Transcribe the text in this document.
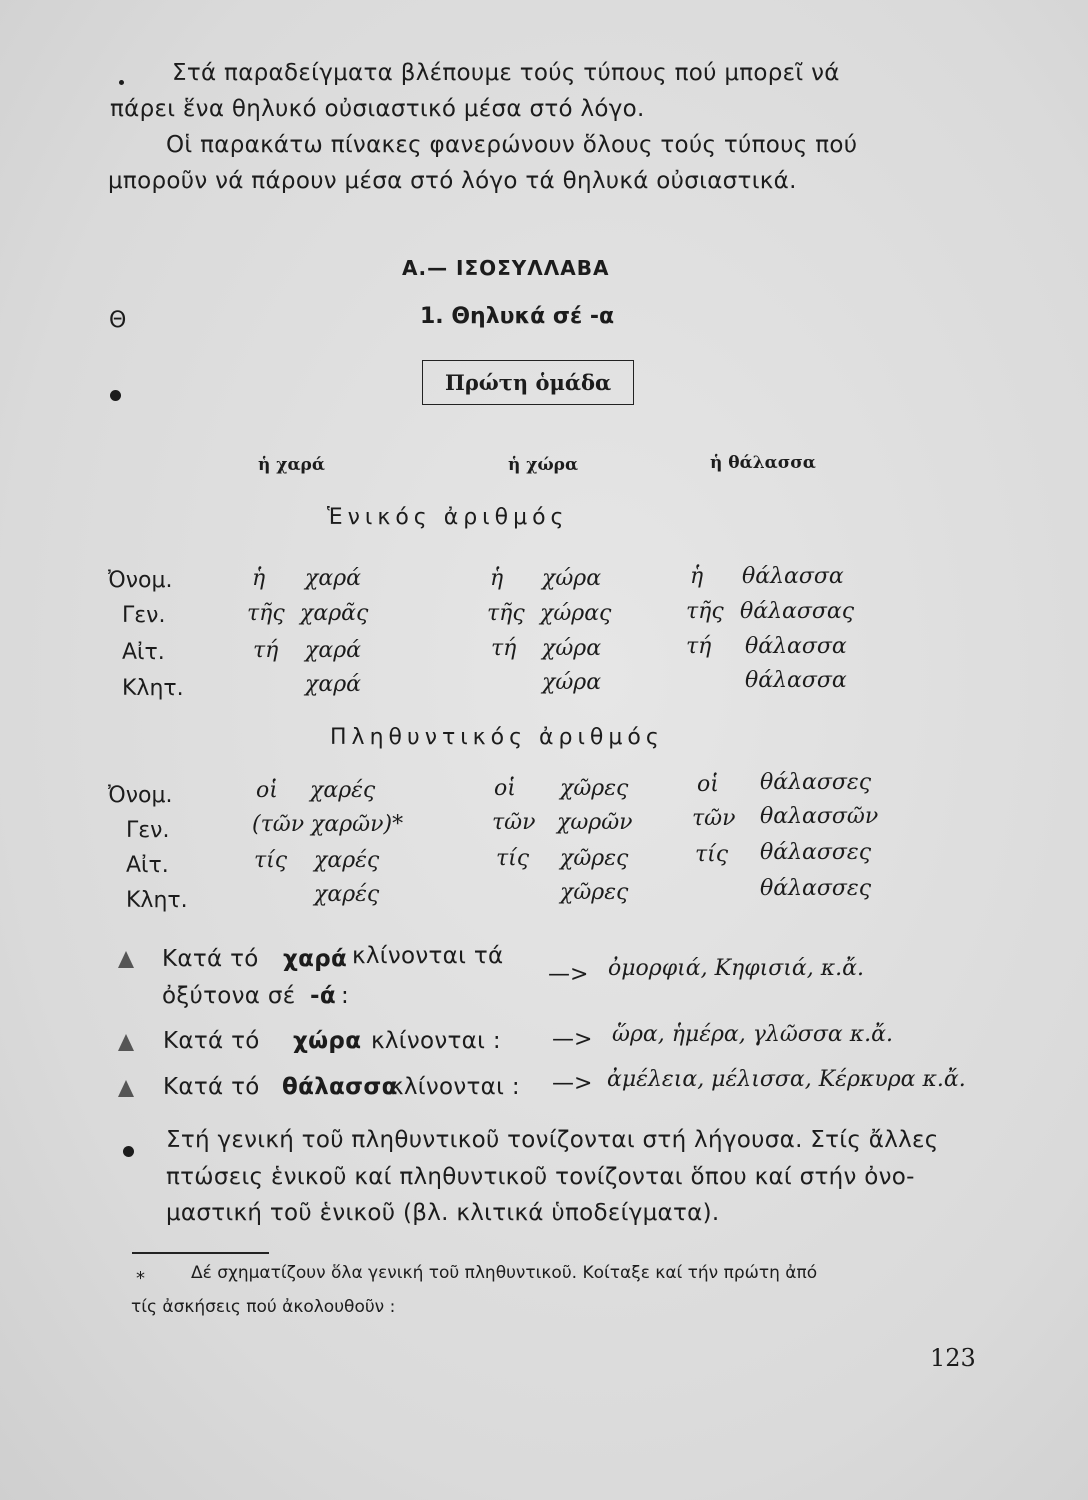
Στά παραδείγματα βλέπουμε τούς τύπους πού μπορεῖ νά
πάρει ἕνα θηλυκό οὐσιαστικό μέσα στό λόγο.
Οἱ παρακάτω πίνακες φανερώνουν ὅλους τούς τύπους πού
μποροῦν νά πάρουν μέσα στό λόγο τά θηλυκά οὐσιαστικά.
Α.— ΙΣΟΣΥΛΛΑΒΑ
Θ	1. Θηλυκά σέ -α
Πρώτη ὁμάδα
ἡ χαρά	ἡ χώρα	ἡ θάλασσα
Ἑνικός ἀριθμός
Ὀνομ.	ἡ χαρά	ἡ χώρα	ἡ θάλασσα
Γεν.	τῆς χαρᾶς	τῆς χώρας	τῆς θάλασσας
Αἰτ.	τή χαρά	τή χώρα	τή θάλασσα
Κλητ.	χαρά	χώρα	θάλασσα
Πληθυντικός ἀριθμός
Ὀνομ.	οἱ χαρές	οἱ χῶρες	οἱ θάλασσες
Γεν.	(τῶν χαρῶν)*	τῶν χωρῶν	τῶν θαλασσῶν
Αἰτ.	τίς χαρές	τίς χῶρες	τίς θάλασσες
Κλητ.	χαρές	χῶρες	θάλασσες
Κατά τό χαρά κλίνονται τά
ὀξύτονα σέ -ά :
—> ὀμορφιά, Κηφισιά, κ.ἄ.
Κατά τό χώρα κλίνονται : —> ὥρα, ἡμέρα, γλῶσσα κ.ἄ.
Κατά τό θάλασσα
κλίνονται : —> ἀμέλεια, μέλισσα, Κέρκυρα κ.ἄ.
Στή γενική τοῦ πληθυντικοῦ τονίζονται στή λήγουσα. Στίς ἄλλες
πτώσεις ἑνικοῦ καί πληθυντικοῦ τονίζονται ὅπου καί στήν ὀνο-
μαστική τοῦ ἑνικοῦ (βλ. κλιτικά ὑποδείγματα).
*	Δέ σχηματίζουν ὅλα γενική τοῦ πληθυντικοῦ. Κοίταξε καί τήν πρώτη ἀπό
τίς ἀσκήσεις πού ἀκολουθοῦν :
123
